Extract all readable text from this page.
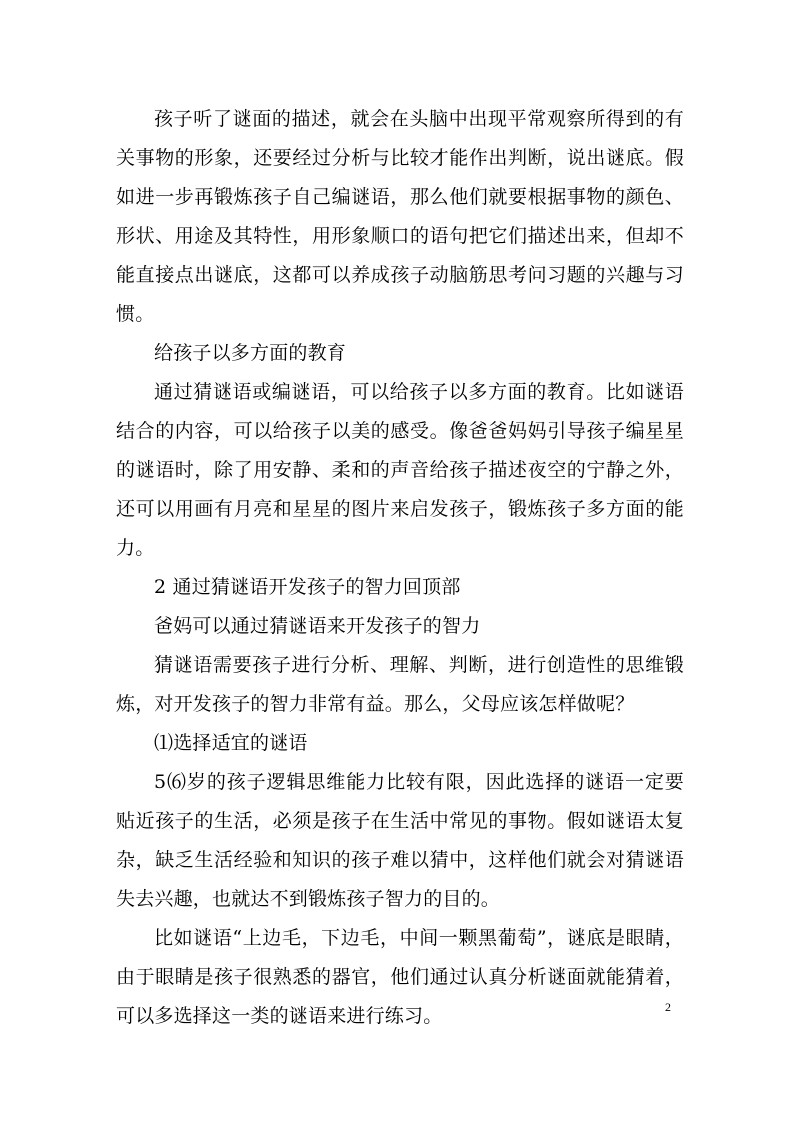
孩子听了谜面的描述，就会在头脑中出现平常观察所得到的有关事物的形象，还要经过分析与比较才能作出判断，说出谜底。假如进一步再锻炼孩子自己编谜语，那么他们就要根据事物的颜色、形状、用途及其特性，用形象顺口的语句把它们描述出来，但却不能直接点出谜底，这都可以养成孩子动脑筋思考问习题的兴趣与习惯。

给孩子以多方面的教育

通过猜谜语或编谜语，可以给孩子以多方面的教育。比如谜语结合的内容，可以给孩子以美的感受。像爸爸妈妈引导孩子编星星的谜语时，除了用安静、柔和的声音给孩子描述夜空的宁静之外，还可以用画有月亮和星星的图片来启发孩子，锻炼孩子多方面的能力。

2 通过猜谜语开发孩子的智力回顶部

爸妈可以通过猜谜语来开发孩子的智力

猜谜语需要孩子进行分析、理解、判断，进行创造性的思维锻炼，对开发孩子的智力非常有益。那么，父母应该怎样做呢？

⑴选择适宜的谜语

5⑹岁的孩子逻辑思维能力比较有限，因此选择的谜语一定要贴近孩子的生活，必须是孩子在生活中常见的事物。假如谜语太复杂，缺乏生活经验和知识的孩子难以猜中，这样他们就会对猜谜语失去兴趣，也就达不到锻炼孩子智力的目的。

比如谜语“上边毛，下边毛，中间一颗黑葡萄”，谜底是眼睛，由于眼睛是孩子很熟悉的器官，他们通过认真分析谜面就能猜着，可以多选择这一类的谜语来进行练习。	2
